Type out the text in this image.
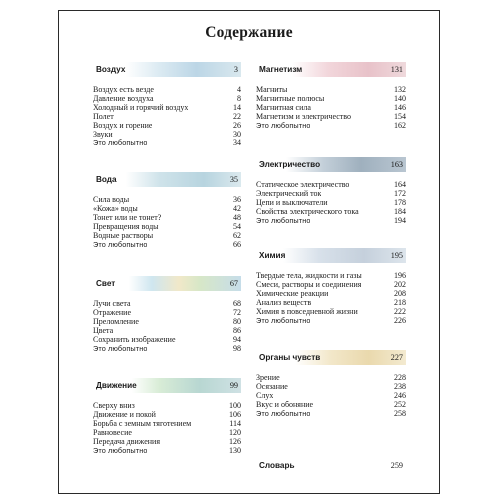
Содержание
Воздух	3
Воздух есть везде	4
Давление воздуха	8
Холодный и горячий воздух	14
Полет	22
Воздух и горение	26
Звуки	30
Это любопытно	34
Вода	35
Сила воды	36
«Кожа» воды	42
Тонет или не тонет?	48
Превращения воды	54
Водные растворы	62
Это любопытно	66
Свет	67
Лучи света	68
Отражение	72
Преломление	80
Цвета	86
Сохранить изображение	94
Это любопытно	98
Движение	99
Сверху вниз	100
Движение и покой	106
Борьба с земным тяготением	114
Равновесие	120
Передача движения	126
Это любопытно	130
Магнетизм	131
Магниты	132
Магнитные полюсы	140
Магнитная сила	146
Магнетизм и электричество	154
Это любопытно	162
Электричество	163
Статическое электричество	164
Электрический ток	172
Цепи и выключатели	178
Свойства электрического тока	184
Это любопытно	194
Химия	195
Твердые тела, жидкости и газы	196
Смеси, растворы и соединения	202
Химические реакции	208
Анализ веществ	218
Химия в повседневной жизни	222
Это любопытно	226
Органы чувств	227
Зрение	228
Осязание	238
Слух	246
Вкус и обоняние	252
Это любопытно	258
Словарь	259
